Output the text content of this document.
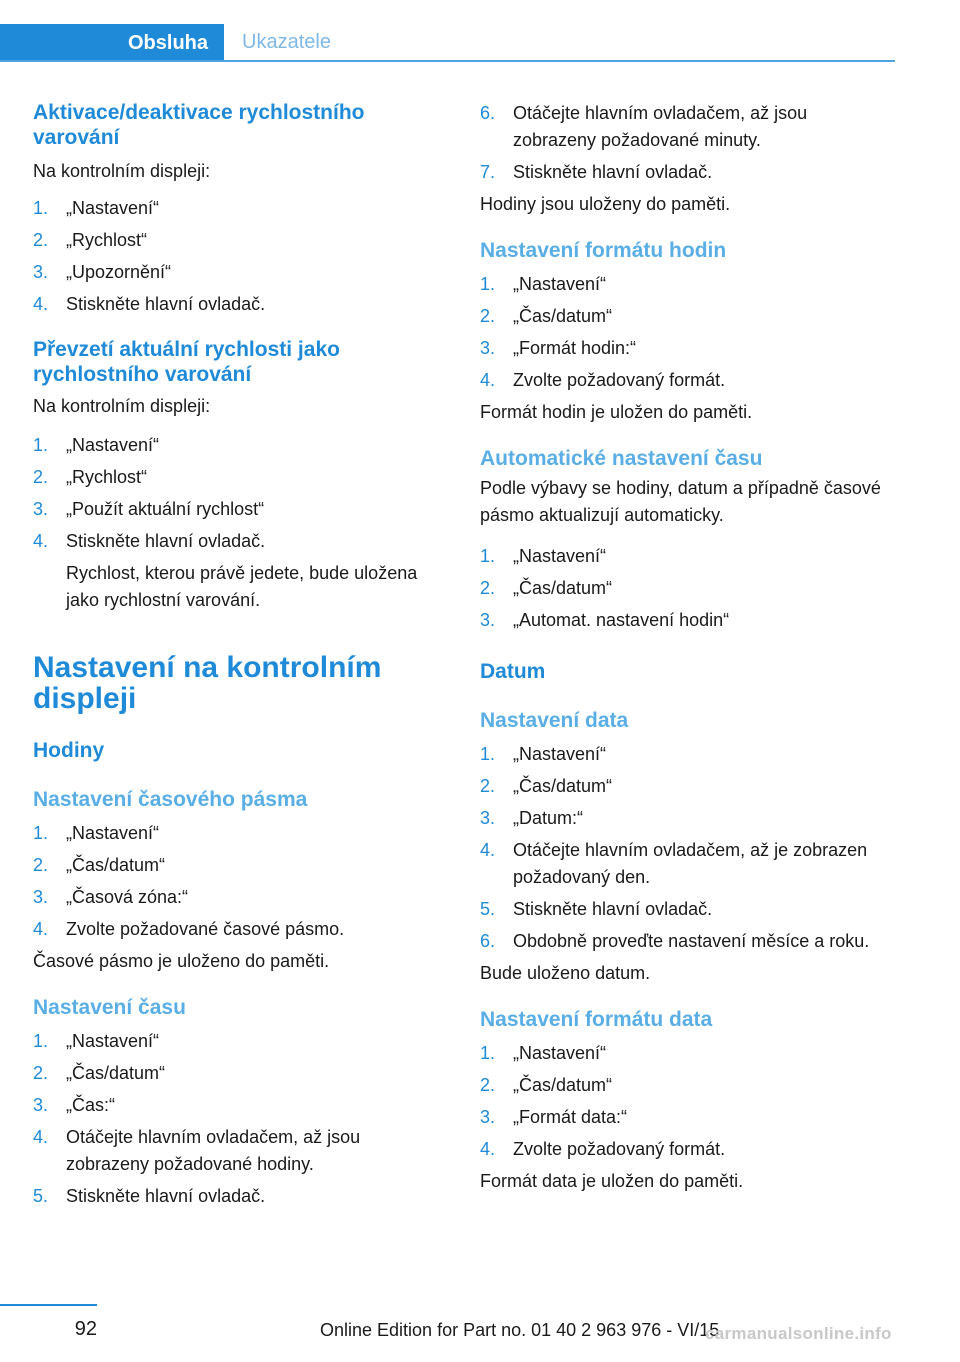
Obsluha Ukazatele
Aktivace/deaktivace rychlostního varování

Na kontrolním displeji:

1. „Nastavení“
2. „Rychlost“
3. „Upozornění“
4. Stiskněte hlavní ovladač.
Převzetí aktuální rychlosti jako rychlostního varování

Na kontrolním displeji:

1. „Nastavení“
2. „Rychlost“
3. „Použít aktuální rychlost“
4. Stiskněte hlavní ovladač.

Rychlost, kterou právě jedete, bude uložena jako rychlostní varování.

Nastavení na kontrolním displeji
Hodiny
Nastavení časového pásma
1. „Nastavení“
2. „Čas/datum“
3. „Časová zóna:“
4. Zvolte požadované časové pásmo.

Časové pásmo je uloženo do paměti.

Nastavení času
1. „Nastavení“
2. „Čas/datum“
3. „Čas:“
4. Otáčejte hlavním ovladačem, až jsou zobrazeny požadované hodiny.
5. Stiskněte hlavní ovladač.
6. Otáčejte hlavním ovladačem, až jsou zobrazeny požadované minuty.
7. Stiskněte hlavní ovladač.

Hodiny jsou uloženy do paměti.

Nastavení formátu hodin
1. „Nastavení“
2. „Čas/datum“
3. „Formát hodin:“
4. Zvolte požadovaný formát.

Formát hodin je uložen do paměti.

Automatické nastavení času

Podle výbavy se hodiny, datum a případně časové pásmo aktualizují automaticky.

1. „Nastavení“
2. „Čas/datum“
3. „Automat. nastavení hodin“
Datum
Nastavení data
1. „Nastavení“
2. „Čas/datum“
3. „Datum:“
4. Otáčejte hlavním ovladačem, až je zobrazen požadovaný den.
5. Stiskněte hlavní ovladač.
6. Obdobně proveďte nastavení měsíce a roku.

Bude uloženo datum.

Nastavení formátu data
1. „Nastavení“
2. „Čas/datum“
3. „Formát data:“
4. Zvolte požadovaný formát.

Formát data je uložen do paměti.

92	Online Edition for Part no. 01 40 2 963 976 - VI/15
carmanualsonline.info
